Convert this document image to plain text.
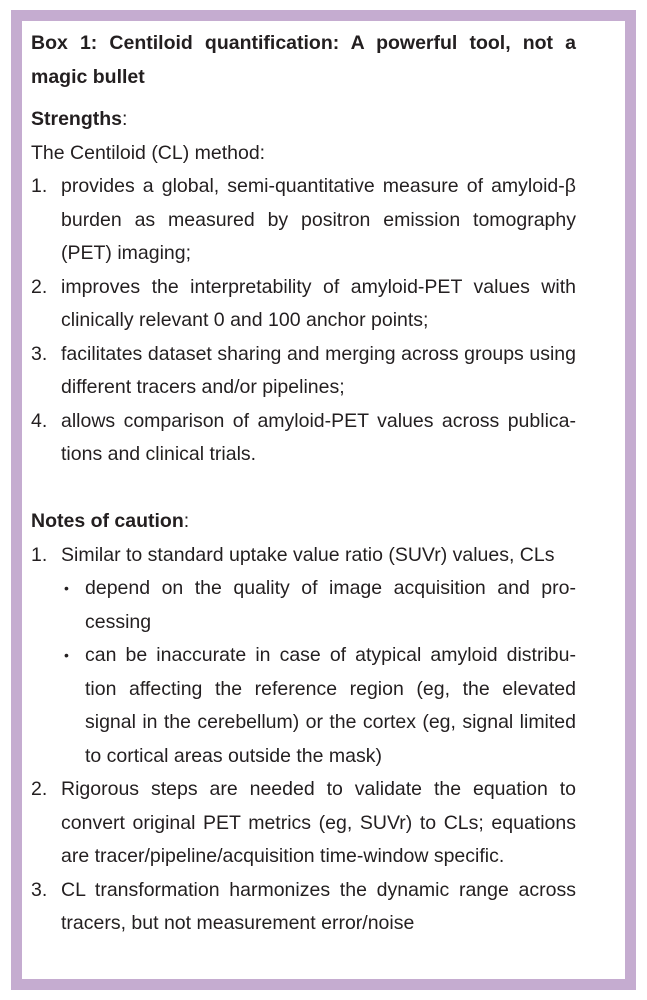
Box 1: Centiloid quantification: A powerful tool, not a magic bullet

Strengths:

The Centiloid (CL) method:

1. provides a global, semi-quantitative measure of amyloid-β burden as measured by positron emission tomography (PET) imaging;
2. improves the interpretability of amyloid-PET values with clinically relevant 0 and 100 anchor points;
3. facilitates dataset sharing and merging across groups using different tracers and/or pipelines;
4. allows comparison of amyloid-PET values across publica-tions and clinical trials.

Notes of caution:

1. Similar to standard uptake value ratio (SUVr) values, CLs
• depend on the quality of image acquisition and pro-cessing
• can be inaccurate in case of atypical amyloid distribu-tion affecting the reference region (eg, the elevated signal in the cerebellum) or the cortex (eg, signal limited to cortical areas outside the mask)
2. Rigorous steps are needed to validate the equation to convert original PET metrics (eg, SUVr) to CLs; equations are tracer/pipeline/acquisition time-window specific.
3. CL transformation harmonizes the dynamic range across tracers, but not measurement error/noise
